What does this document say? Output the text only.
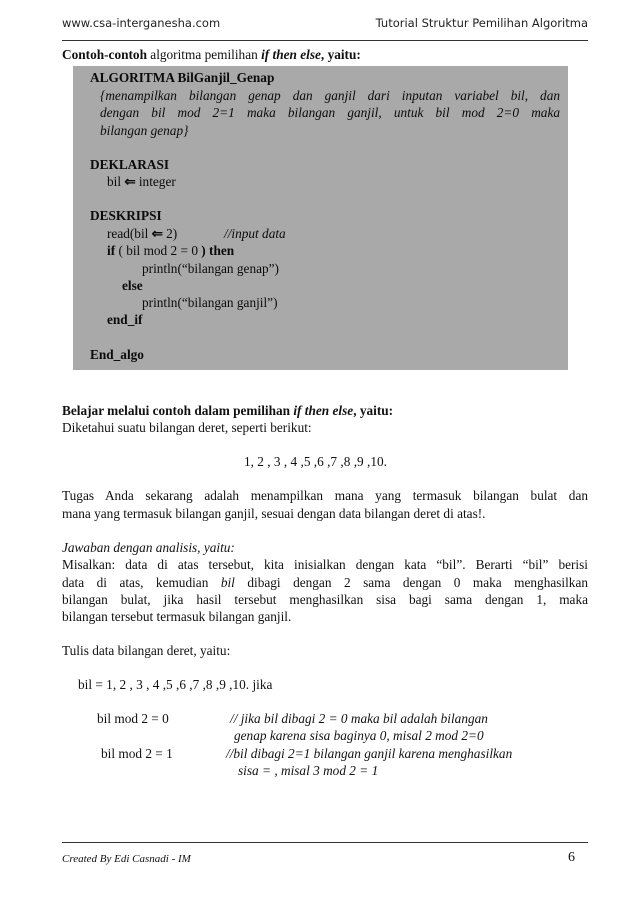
www.csa-interganesha.com	Tutorial Struktur Pemilihan Algoritma
Contoh-contoh algoritma pemilihan if then else, yaitu:
ALGORITMA BilGanjil_Genap
{menampilkan bilangan genap dan ganjil dari inputan variabel bil, dan
dengan bil mod 2=1 maka bilangan ganjil, untuk bil mod 2=0 maka
bilangan genap}
DEKLARASI
bil ⇐ integer
DESKRIPSI
read(bil ⇐ 2)	//input data
if ( bil mod 2 = 0 ) then
println(“bilangan genap”)
else
println(“bilangan ganjil”)
end_if
End_algo
Belajar melalui contoh dalam pemilihan if then else, yaitu:
Diketahui suatu bilangan deret, seperti berikut:
1, 2 , 3 , 4 ,5 ,6 ,7 ,8 ,9 ,10.
Tugas Anda sekarang adalah menampilkan mana yang termasuk bilangan bulat dan
mana yang termasuk bilangan ganjil, sesuai dengan data bilangan deret di atas!.
Jawaban dengan analisis, yaitu:
Misalkan: data di atas tersebut, kita inisialkan dengan kata “bil”. Berarti “bil” berisi
data di atas, kemudian bil dibagi dengan 2 sama dengan 0 maka menghasilkan
bilangan bulat, jika hasil tersebut menghasilkan sisa bagi sama dengan 1, maka
bilangan tersebut termasuk bilangan ganjil.
Tulis data bilangan deret, yaitu:
bil = 1, 2 , 3 , 4 ,5 ,6 ,7 ,8 ,9 ,10. jika
bil mod 2 = 0	// jika bil dibagi 2 = 0 maka bil adalah bilangan
genap karena sisa baginya 0, misal 2 mod 2=0
bil mod 2 = 1	//bil dibagi 2=1 bilangan ganjil karena menghasilkan
sisa = , misal 3 mod 2 = 1
Created By Edi Casnadi - IM	6
